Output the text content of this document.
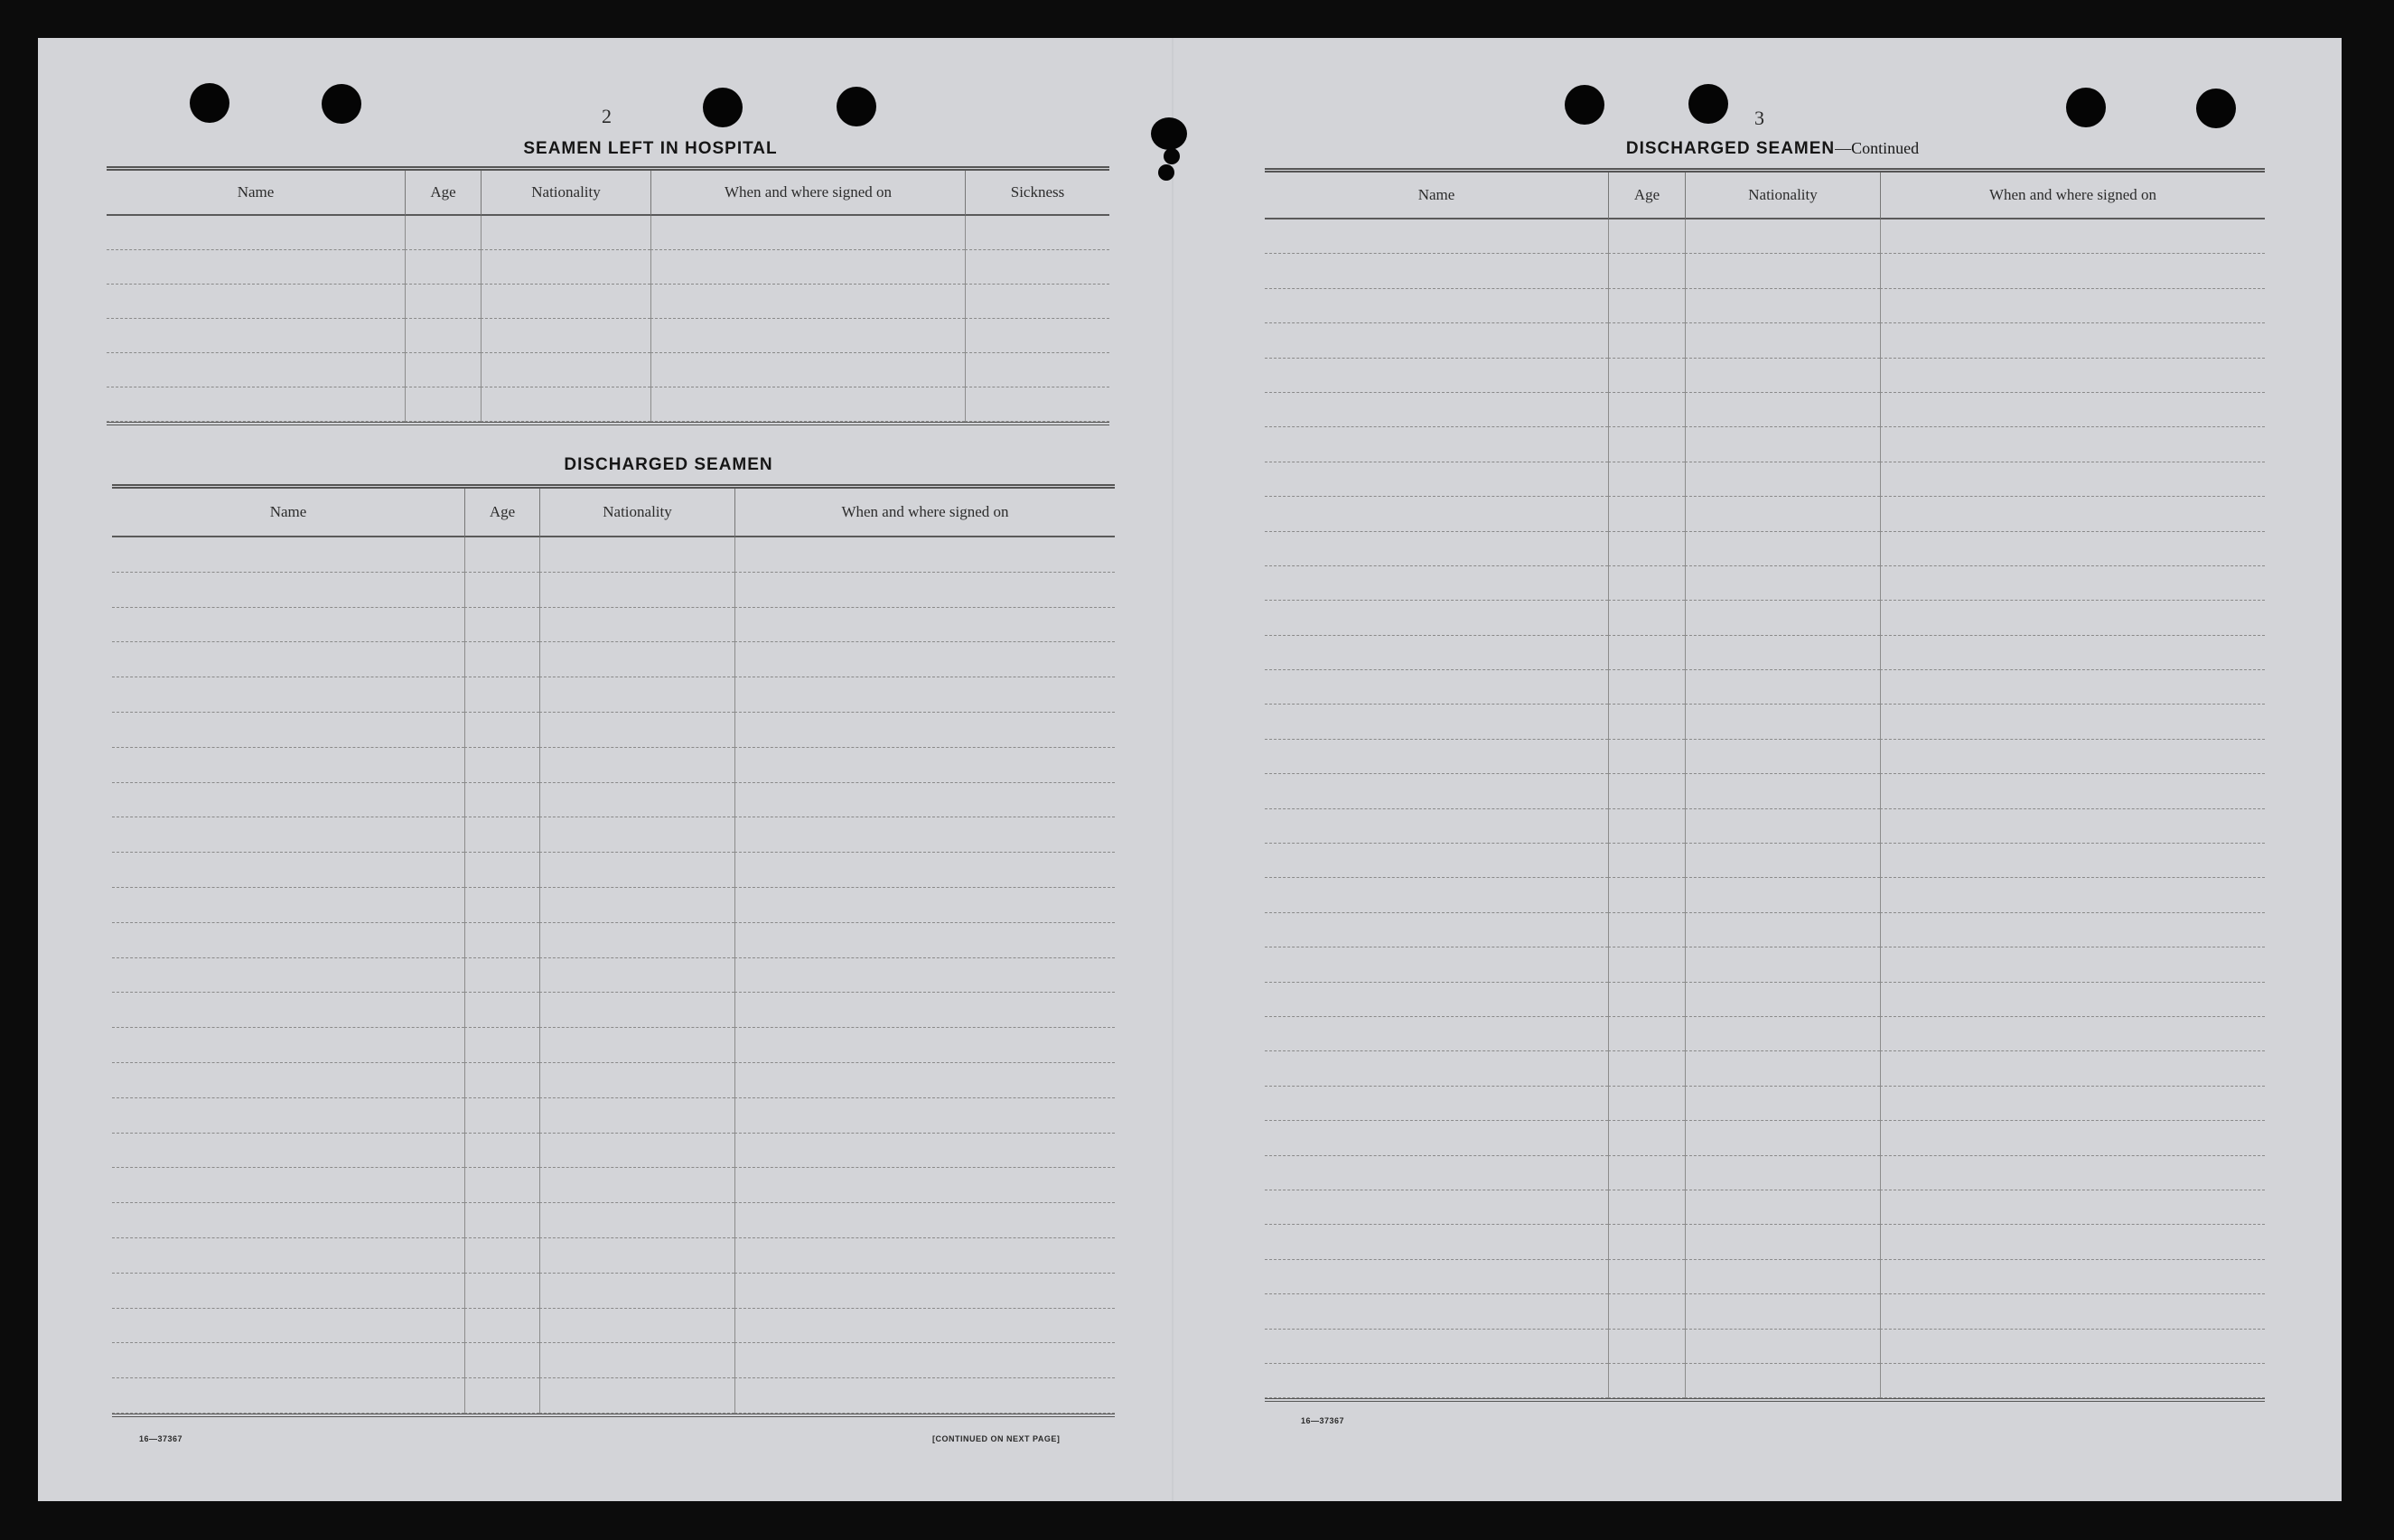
2
SEAMEN LEFT IN HOSPITAL
Name	Age	Nationality	When and where signed on	Sickness
DISCHARGED SEAMEN
Name	Age	Nationality	When and where signed on
16—37367	[CONTINUED ON NEXT PAGE]
3
DISCHARGED SEAMEN—Continued
Name	Age	Nationality	When and where signed on
16—37367
